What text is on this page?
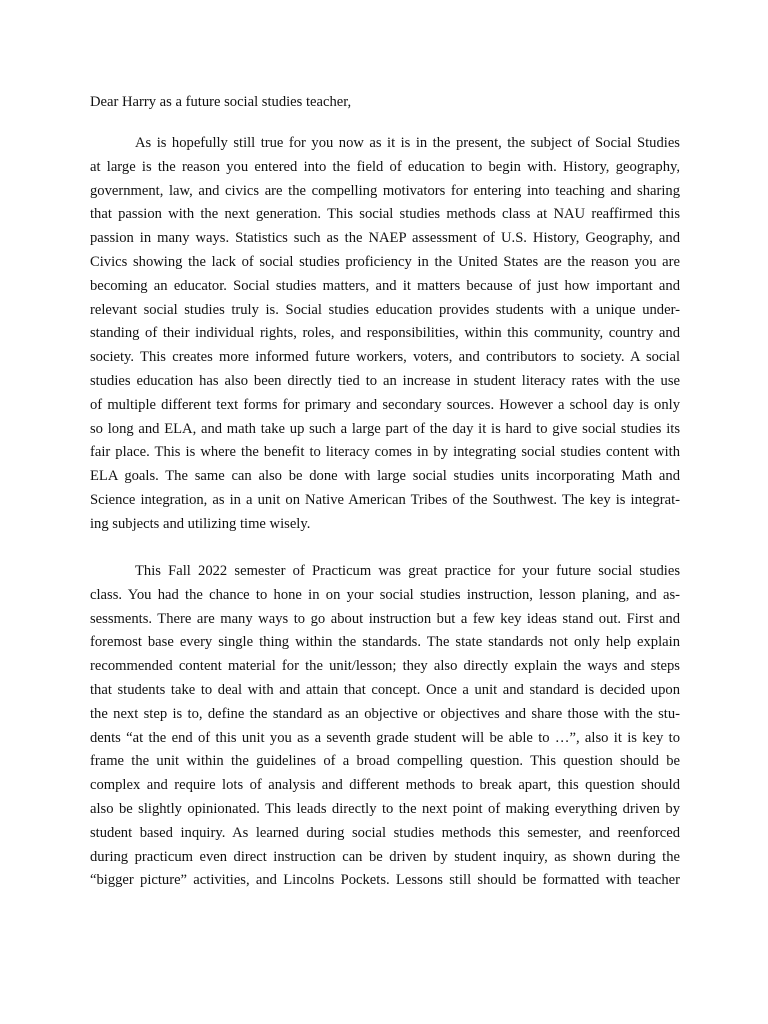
Dear Harry as a future social studies teacher,
As is hopefully still true for you now as it is in the present, the subject of Social Studies
at large is the reason you entered into the field of education to begin with. History, geography,
government, law, and civics are the compelling motivators for entering into teaching and sharing
that passion with the next generation. This social studies methods class at NAU reaffirmed this
passion in many ways. Statistics such as the NAEP assessment of U.S. History, Geography, and
Civics showing the lack of social studies proficiency in the United States are the reason you are
becoming an educator. Social studies matters, and it matters because of just how important and
relevant social studies truly is. Social studies education provides students with a unique under-
standing of their individual rights, roles, and responsibilities, within this community, country and
society. This creates more informed future workers, voters, and contributors to society. A social
studies education has also been directly tied to an increase in student literacy rates with the use
of multiple different text forms for primary and secondary sources. However a school day is only
so long and ELA, and math take up such a large part of the day it is hard to give social studies its
fair place. This is where the benefit to literacy comes in by integrating social studies content with
ELA goals. The same can also be done with large social studies units incorporating Math and
Science integration, as in a unit on Native American Tribes of the Southwest. The key is integrat-
ing subjects and utilizing time wisely.
This Fall 2022 semester of Practicum was great practice for your future social studies
class. You had the chance to hone in on your social studies instruction, lesson planing, and as-
sessments. There are many ways to go about instruction but a few key ideas stand out. First and
foremost base every single thing within the standards. The state standards not only help explain
recommended content material for the unit/lesson; they also directly explain the ways and steps
that students take to deal with and attain that concept. Once a unit and standard is decided upon
the next step is to, define the standard as an objective or objectives and share those with the stu-
dents “at the end of this unit you as a seventh grade student will be able to …”, also it is key to
frame the unit within the guidelines of a broad compelling question. This question should be
complex and require lots of analysis and different methods to break apart, this question should
also be slightly opinionated. This leads directly to the next point of making everything driven by
student based inquiry. As learned during social studies methods this semester, and reenforced
during practicum even direct instruction can be driven by student inquiry, as shown during the
“bigger picture” activities, and Lincolns Pockets. Lessons still should be formatted with teacher
